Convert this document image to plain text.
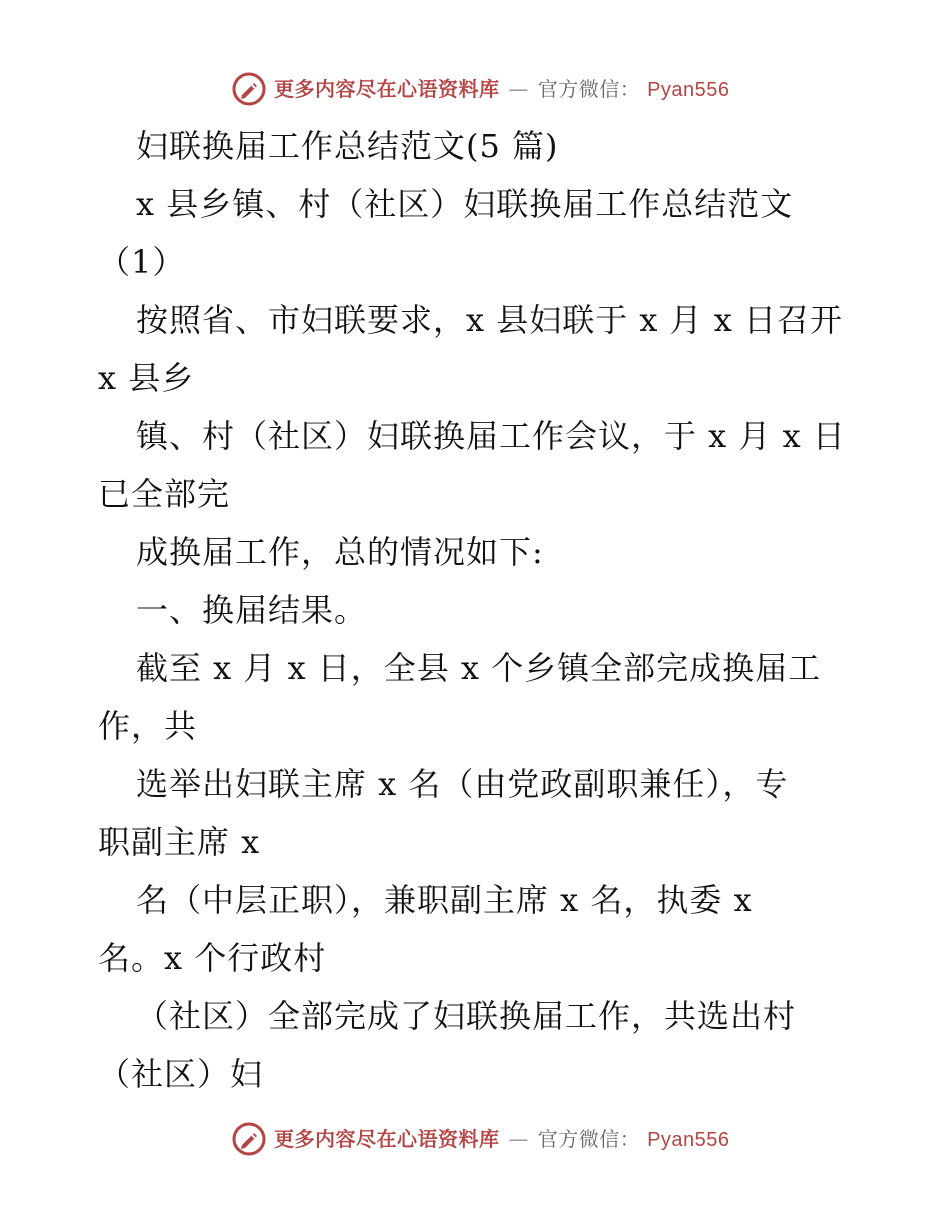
更多内容尽在心语资料库 — 官方微信： Pyan556
妇联换届工作总结范文(5 篇)
x 县乡镇、村（社区）妇联换届工作总结范文
（1）
按照省、市妇联要求，x 县妇联于 x 月 x 日召开
x 县乡
镇、村（社区）妇联换届工作会议，于 x 月 x 日
已全部完
成换届工作，总的情况如下:
一、换届结果。
截至 x 月 x 日，全县 x 个乡镇全部完成换届工
作，共
选举出妇联主席 x 名（由党政副职兼任），专
职副主席 x
名（中层正职），兼职副主席 x 名，执委 x
名。x 个行政村
（社区）全部完成了妇联换届工作，共选出村
（社区）妇
更多内容尽在心语资料库 — 官方微信： Pyan556
